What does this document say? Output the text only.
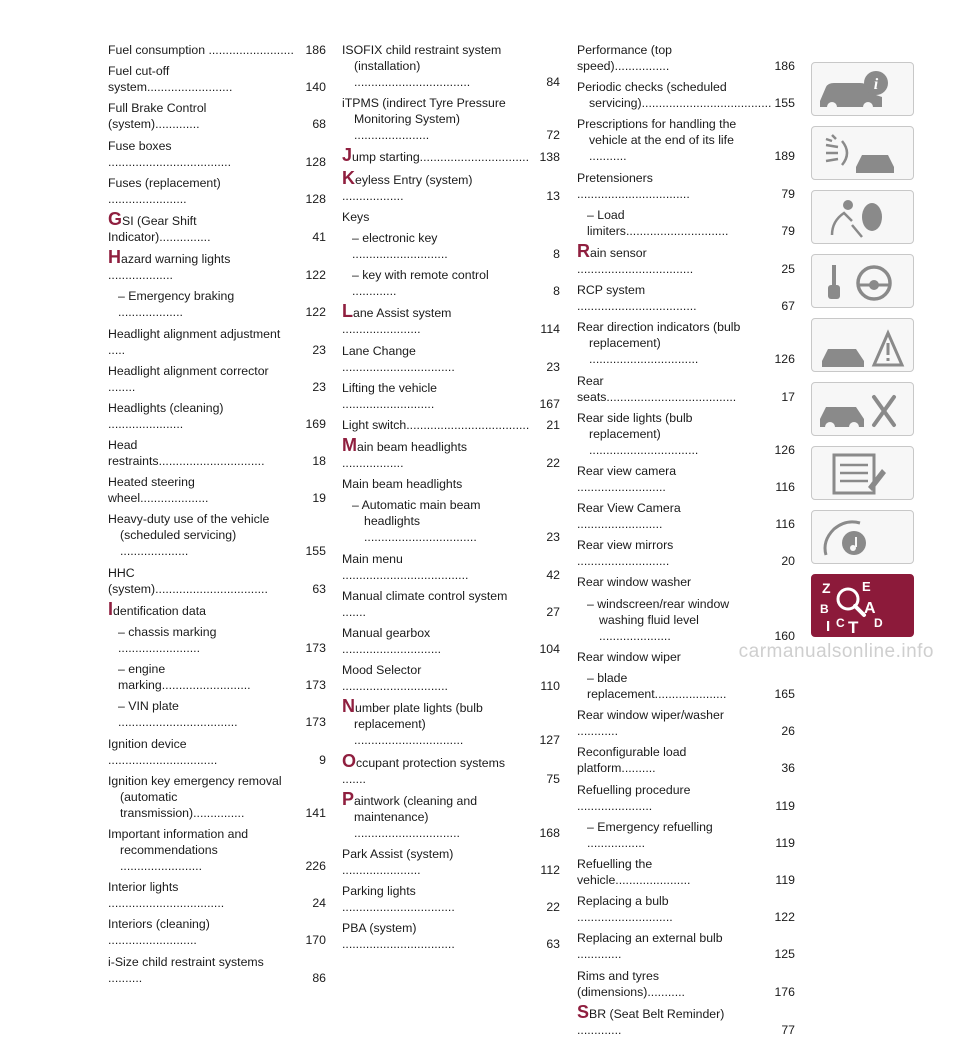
Fuel consumption ......................... 186
Fuel cut-off system.........................	140
Full Brake Control (system).............	68
Fuse boxes ....................................	128
Fuses (replacement) .......................	128
GSI (Gear Shift Indicator)...............	41
Hazard warning lights ...................	122
– Emergency braking ...................	122
Headlight alignment adjustment .....	23
Headlight alignment corrector ........	23
Headlights (cleaning) ......................	169
Head restraints...............................	18
Heated steering wheel....................	19
Heavy-duty use of the vehicle
(scheduled servicing) ....................	155
HHC (system).................................	63
Identification data
– chassis marking ........................	173
– engine marking..........................	173
– VIN plate ...................................	173
Ignition device ................................	9
Ignition key emergency removal
(automatic transmission)...............	141
Important information and
recommendations ........................	226
Interior lights ..................................	24
Interiors (cleaning) ..........................	170
i-Size child restraint systems ..........	86
ISOFIX child restraint system
(installation) ..................................	84
iTPMS (indirect Tyre Pressure
Monitoring System) ......................	72
Jump starting................................ 138
Keyless Entry (system) ..................	13
Keys
– electronic key ............................	8
– key with remote control .............	8
Lane Assist system .......................	114
Lane Change .................................	23
Lifting the vehicle ...........................	167
Light switch....................................	21
Main beam headlights ..................	22
Main beam headlights
– Automatic main beam
headlights .................................	23
Main menu .....................................	42
Manual climate control system .......	27
Manual gearbox .............................	104
Mood Selector ...............................	110
Number plate lights (bulb
replacement) ................................	127
Occupant protection systems .......	75
Paintwork (cleaning and
maintenance) ...............................	168
Park Assist (system) .......................	112
Parking lights .................................	22
PBA (system) .................................	63
Performance (top speed)................	186
Periodic checks (scheduled
servicing)...................................... 155
Prescriptions for handling the
vehicle at the end of its life ...........	189
Pretensioners .................................	79
– Load limiters..............................	79
Rain sensor ..................................	25
RCP system ...................................	67
Rear direction indicators (bulb
replacement) ................................	126
Rear seats......................................	17
Rear side lights (bulb
replacement) ................................	126
Rear view camera ..........................	116
Rear View Camera .........................	116
Rear view mirrors ...........................	20
Rear window washer
– windscreen/rear window
washing fluid level .....................	160
Rear window wiper
– blade replacement.....................	165
Rear window wiper/washer ............	26
Reconfigurable load platform..........	36
Refuelling procedure ......................	119
– Emergency refuelling .................	119
Refuelling the vehicle......................	119
Replacing a bulb ............................	122
Replacing an external bulb .............	125
Rims and tyres (dimensions)...........	176
SBR (Seat Belt Reminder) .............	77
i
Z E
B A
C D
I T
carmanualsonline.info
